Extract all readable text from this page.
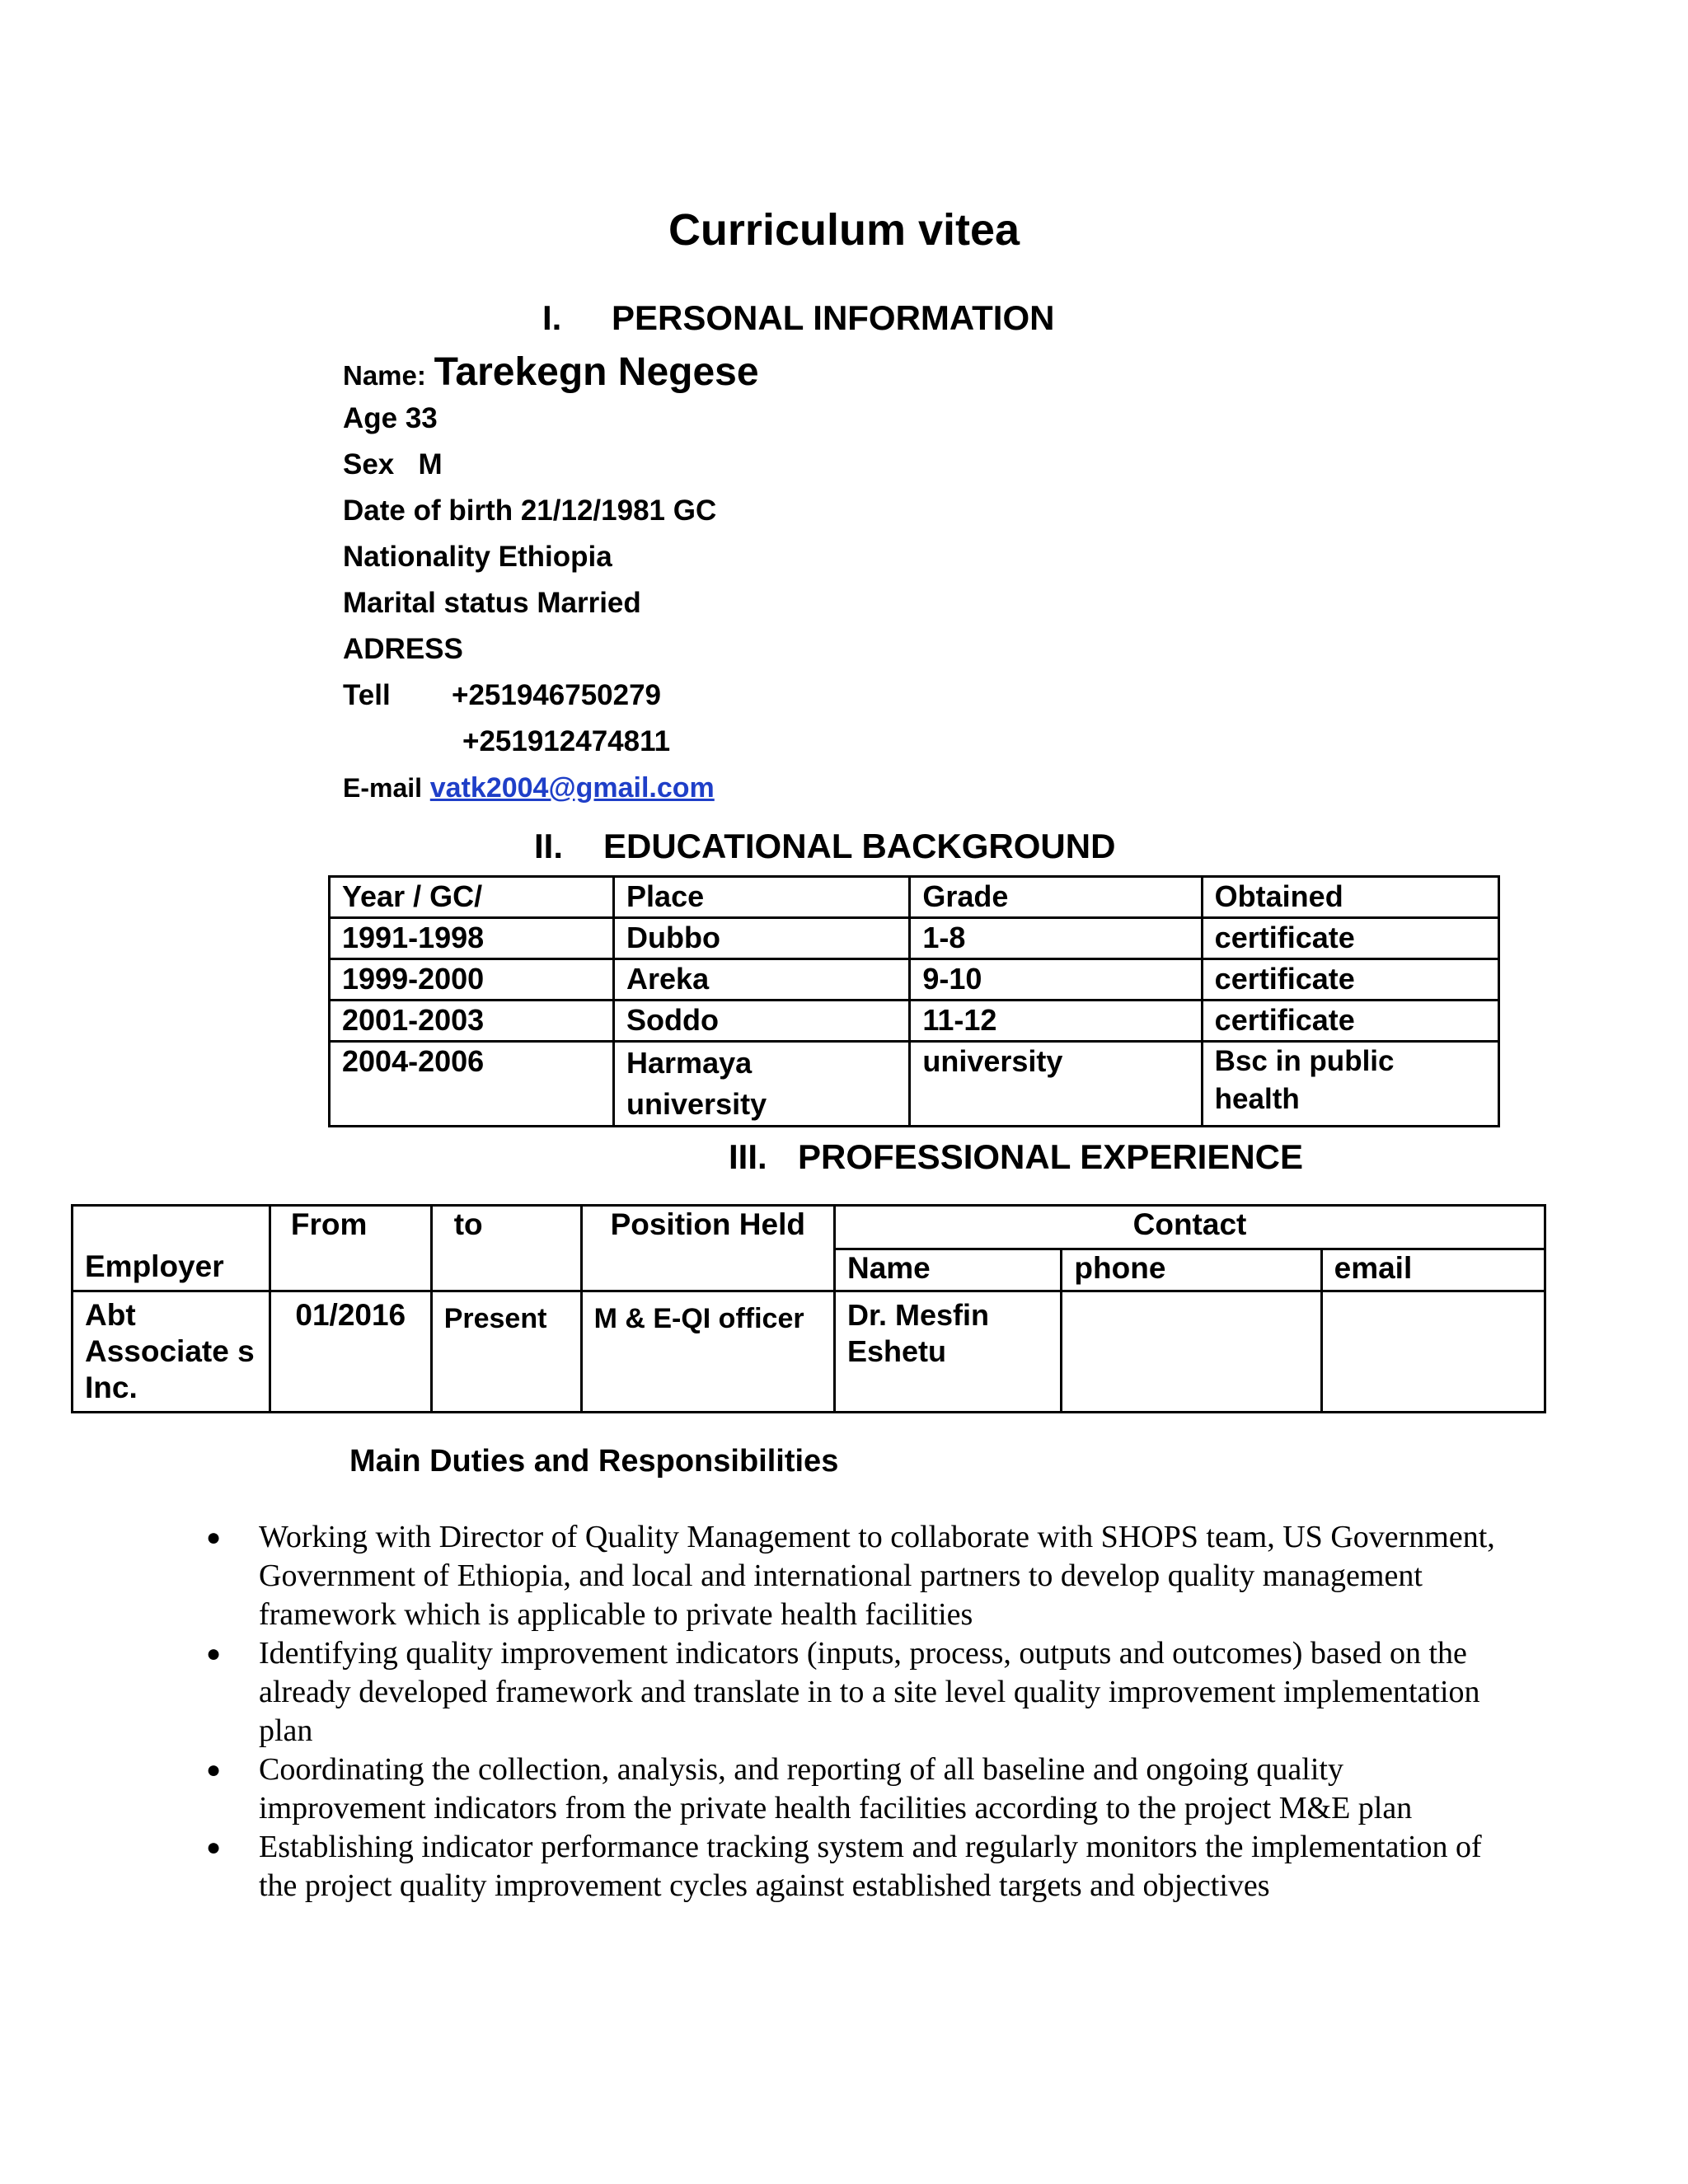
Curriculum vitea
I. PERSONAL INFORMATION
Name: Tarekegn Negese
Age 33
Sex   M
Date of birth 21/12/1981 GC
Nationality Ethiopia
Marital status Married
ADRESS
Tell +251946750279
+251912474811
E-mail vatk2004@gmail.com
II. EDUCATIONAL BACKGROUND
Year / GC/	Place	Grade	Obtained
1991-1998	Dubbo	1-8	certificate
1999-2000	Areka	9-10	certificate
2001-2003	Soddo	11-12	certificate
2004-2006	Harmaya university	university	Bsc in public health
III. PROFESSIONAL EXPERIENCE
Employer	From	to	Position Held	Contact		
				Name	phone	email
Abt Associate s Inc.	01/2016	Present	M & E-QI officer	Dr. Mesfin Eshetu		
Main Duties and Responsibilities
● Working with Director of Quality Management to collaborate with SHOPS team, US Government, Government of Ethiopia, and local and international partners to develop quality management framework which is applicable to private health facilities
● Identifying quality improvement indicators (inputs, process, outputs and outcomes) based on the already developed framework and translate in to a site level quality improvement implementation plan
● Coordinating the collection, analysis, and reporting of all baseline and ongoing quality improvement indicators from the private health facilities according to the project M&E plan
● Establishing indicator performance tracking system and regularly monitors the implementation of the project quality improvement cycles against established targets and objectives
